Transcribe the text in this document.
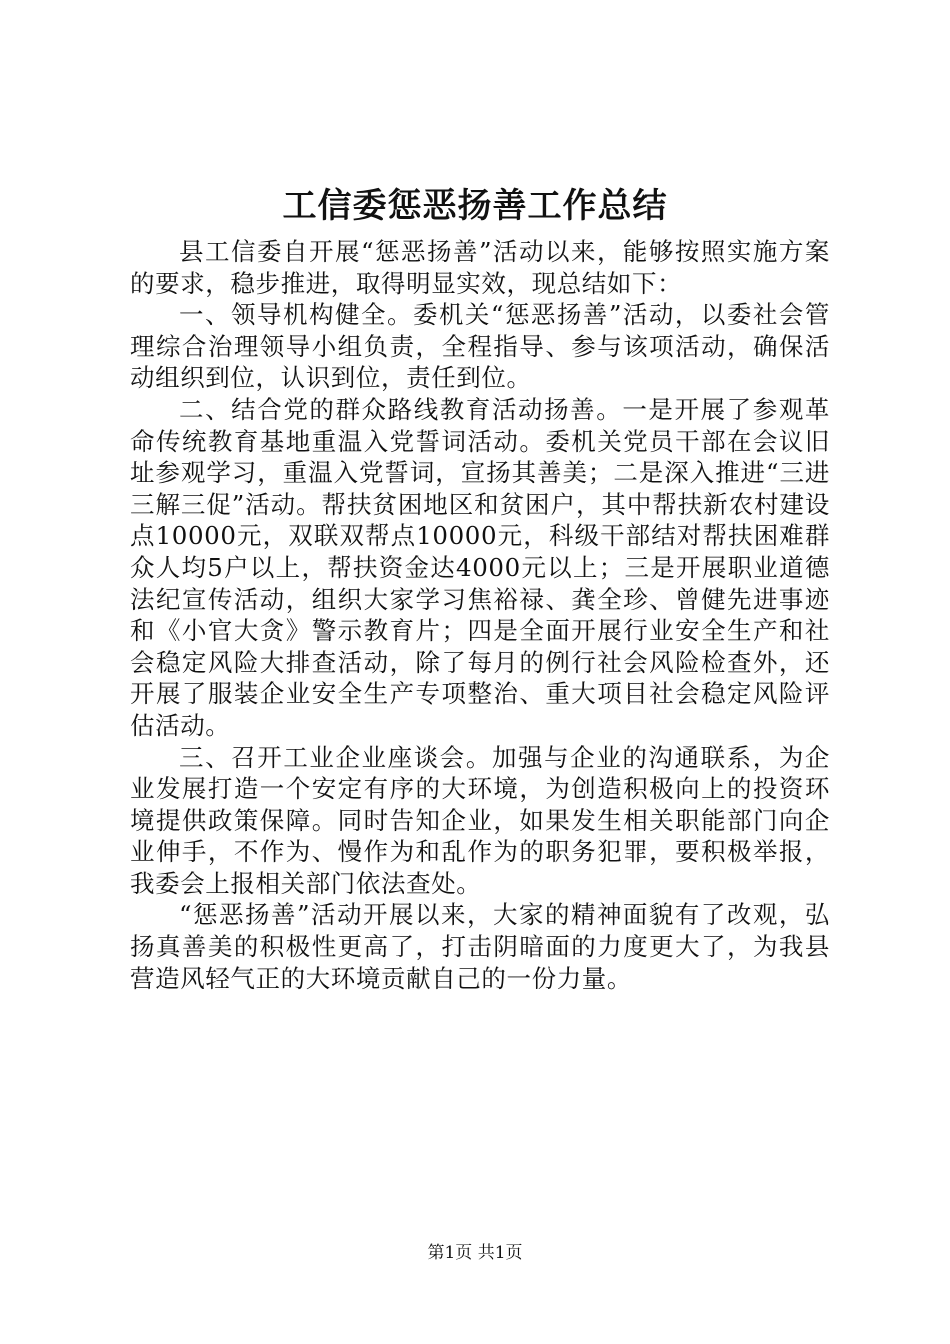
工信委惩恶扬善工作总结

县工信委自开展“惩恶扬善”活动以来，能够按照实施方案的要求，稳步推进，取得明显实效，现总结如下：

一、领导机构健全。委机关“惩恶扬善”活动，以委社会管理综合治理领导小组负责，全程指导、参与该项活动，确保活动组织到位，认识到位，责任到位。

二、结合党的群众路线教育活动扬善。一是开展了参观革命传统教育基地重温入党誓词活动。委机关党员干部在会议旧址参观学习，重温入党誓词，宣扬其善美；二是深入推进“三进三解三促”活动。帮扶贫困地区和贫困户，其中帮扶新农村建设点10000元，双联双帮点10000元，科级干部结对帮扶困难群众人均5户以上，帮扶资金达4000元以上；三是开展职业道德法纪宣传活动，组织大家学习焦裕禄、龚全珍、曾健先进事迹和《小官大贪》警示教育片；四是全面开展行业安全生产和社会稳定风险大排查活动，除了每月的例行社会风险检查外，还开展了服装企业安全生产专项整治、重大项目社会稳定风险评估活动。

三、召开工业企业座谈会。加强与企业的沟通联系，为企业发展打造一个安定有序的大环境，为创造积极向上的投资环境提供政策保障。同时告知企业，如果发生相关职能部门向企业伸手，不作为、慢作为和乱作为的职务犯罪，要积极举报，我委会上报相关部门依法查处。

“惩恶扬善”活动开展以来，大家的精神面貌有了改观，弘扬真善美的积极性更高了，打击阴暗面的力度更大了，为我县营造风轻气正的大环境贡献自己的一份力量。

第1页 共1页
